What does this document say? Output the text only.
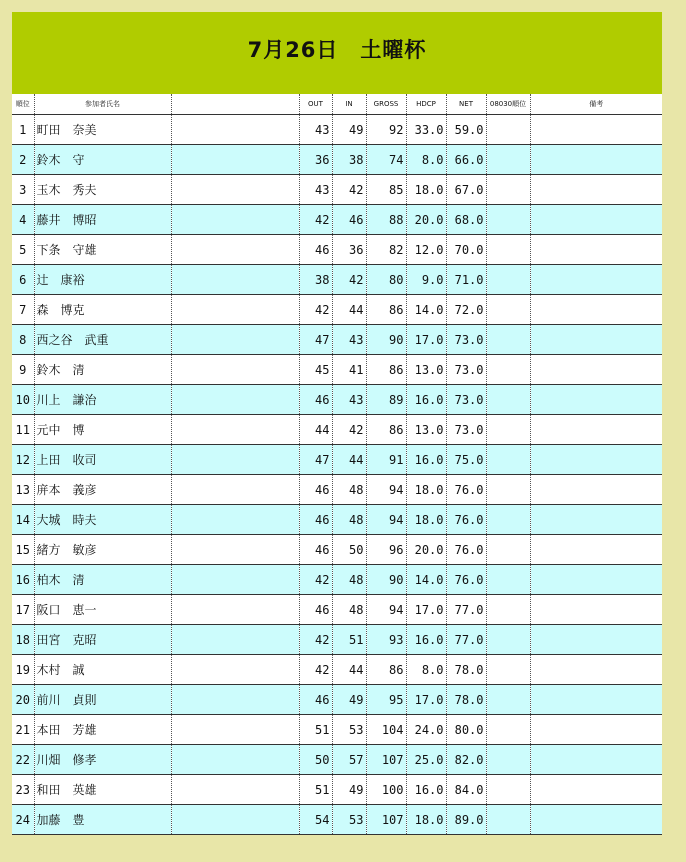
7月26日　土曜杯
順位	参加者氏名		OUT	IN	GROSS	HDCP	NET	08030順位	備考
1	町田　奈美		43	49	92	33.0	59.0		
2	鈴木　守		36	38	74	8.0	66.0		
3	玉木　秀夫		43	42	85	18.0	67.0		
4	藤井　博昭		42	46	88	20.0	68.0		
5	下条　守雄		46	36	82	12.0	70.0		
6	辻　康裕		38	42	80	9.0	71.0		
7	森　博克		42	44	86	14.0	72.0		
8	西之谷　武重		47	43	90	17.0	73.0		
9	鈴木　清		45	41	86	13.0	73.0		
10	川上　謙治		46	43	89	16.0	73.0		
11	元中　博		44	42	86	13.0	73.0		
12	上田　收司		47	44	91	16.0	75.0		
13	庰本　義彦		46	48	94	18.0	76.0		
14	大城　時夫		46	48	94	18.0	76.0		
15	緒方　敏彦		46	50	96	20.0	76.0		
16	柏木　清		42	48	90	14.0	76.0		
17	阪口　恵一		46	48	94	17.0	77.0		
18	田宮　克昭		42	51	93	16.0	77.0		
19	木村　誠		42	44	86	8.0	78.0		
20	前川　貞則		46	49	95	17.0	78.0		
21	本田　芳雄		51	53	104	24.0	80.0		
22	川畑　修孝		50	57	107	25.0	82.0		
23	和田　英雄		51	49	100	16.0	84.0		
24	加藤　豊		54	53	107	18.0	89.0		
